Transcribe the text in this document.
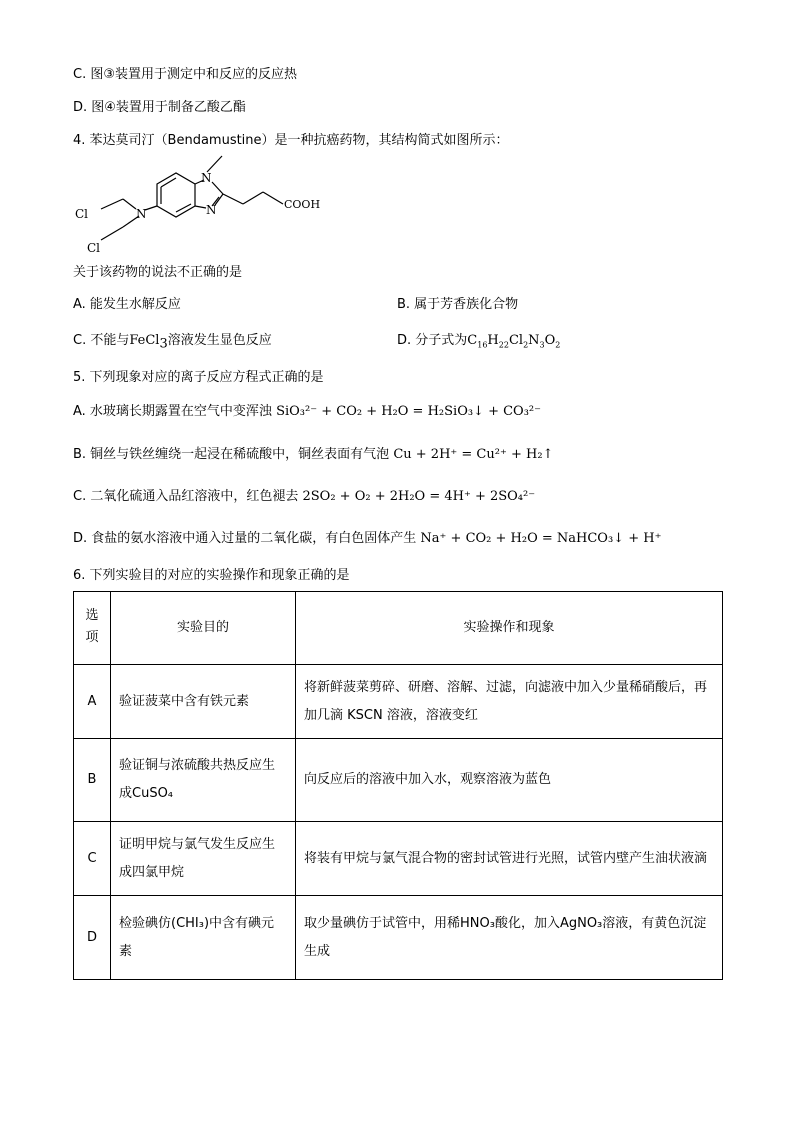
C. 图③装置用于测定中和反应的反应热
D. 图④装置用于制备乙酸乙酯
4. 苯达莫司汀（Bendamustine）是一种抗癌药物，其结构简式如图所示：
N
N
N
COOH
Cl
Cl
关于该药物的说法不正确的是
A. 能发生水解反应	B. 属于芳香族化合物
C. 不能与FeCl$_3$溶液发生显色反应	D. 分子式为$C_{16}H_{22}Cl_2N_3O_2$
5. 下列现象对应的离子反应方程式正确的是
A. 水玻璃长期露置在空气中变浑浊 SiO₃²⁻ + CO₂ + H₂O = H₂SiO₃↓ + CO₃²⁻
B. 铜丝与铁丝缠绕一起浸在稀硫酸中，铜丝表面有气泡 Cu + 2H⁺ = Cu²⁺ + H₂↑
C. 二氧化硫通入品红溶液中，红色褪去 2SO₂ + O₂ + 2H₂O = 4H⁺ + 2SO₄²⁻
D. 食盐的氨水溶液中通入过量的二氧化碳，有白色固体产生 Na⁺ + CO₂ + H₂O = NaHCO₃↓ + H⁺
6. 下列实验目的对应的实验操作和现象正确的是
选项	实验目的	实验操作和现象
A	验证菠菜中含有铁元素	将新鲜菠菜剪碎、研磨、溶解、过滤，向滤液中加入少量稀硝酸后，再加几滴 KSCN 溶液，溶液变红
B	验证铜与浓硫酸共热反应生成CuSO₄	向反应后的溶液中加入水，观察溶液为蓝色
C	证明甲烷与氯气发生反应生成四氯甲烷	将装有甲烷与氯气混合物的密封试管进行光照，试管内壁产生油状液滴
D	检验碘仿(CHI₃)中含有碘元素	取少量碘仿于试管中，用稀HNO₃酸化，加入AgNO₃溶液，有黄色沉淀生成
